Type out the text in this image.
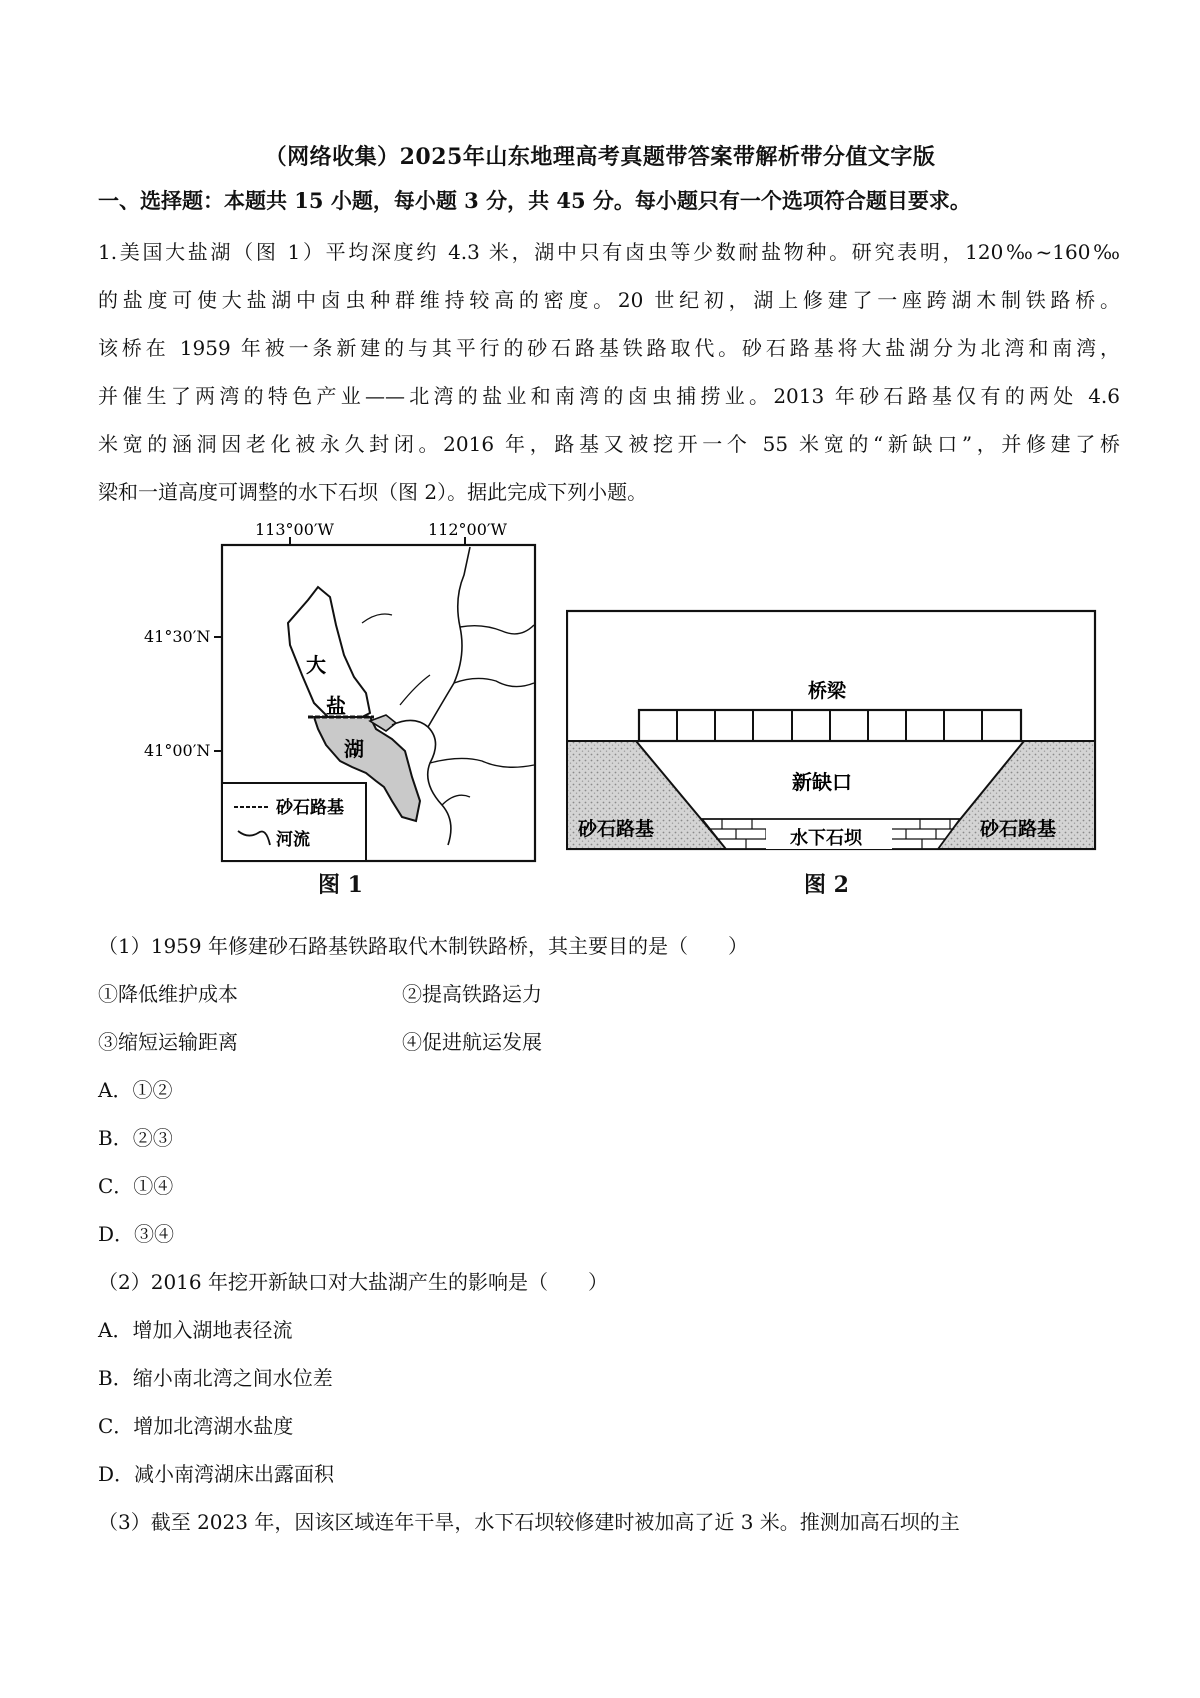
（网络收集）2025年山东地理高考真题带答案带解析带分值文字版
一、选择题：本题共 15 小题，每小题 3 分，共 45 分。每小题只有一个选项符合题目要求。
1.美国大盐湖（图 1）平均深度约 4.3 米，湖中只有卤虫等少数耐盐物种。研究表明，120‰~160‰
的盐度可使大盐湖中卤虫种群维持较高的密度。20 世纪初，湖上修建了一座跨湖木制铁路桥。
该桥在 1959 年被一条新建的与其平行的砂石路基铁路取代。砂石路基将大盐湖分为北湾和南湾，
并催生了两湾的特色产业——北湾的盐业和南湾的卤虫捕捞业。2013 年砂石路基仅有的两处 4.6
米宽的涵洞因老化被永久封闭。2016 年，路基又被挖开一个 55 米宽的“新缺口”，并修建了桥
梁和一道高度可调整的水下石坝（图 2）。据此完成下列小题。
113°00′W	112°00′W
41°30′N
41°00′N
大
盐
湖
砂石路基
河流
图 1
桥梁
新缺口
砂石路基	砂石路基
水下石坝
图 2
（1）1959 年修建砂石路基铁路取代木制铁路桥，其主要目的是（　　）
①降低维护成本	②提高铁路运力
③缩短运输距离	④促进航运发展
A．①②
B．②③
C．①④
D．③④
（2）2016 年挖开新缺口对大盐湖产生的影响是（　　）
A．增加入湖地表径流
B．缩小南北湾之间水位差
C．增加北湾湖水盐度
D．减小南湾湖床出露面积
（3）截至 2023 年，因该区域连年干旱，水下石坝较修建时被加高了近 3 米。推测加高石坝的主
